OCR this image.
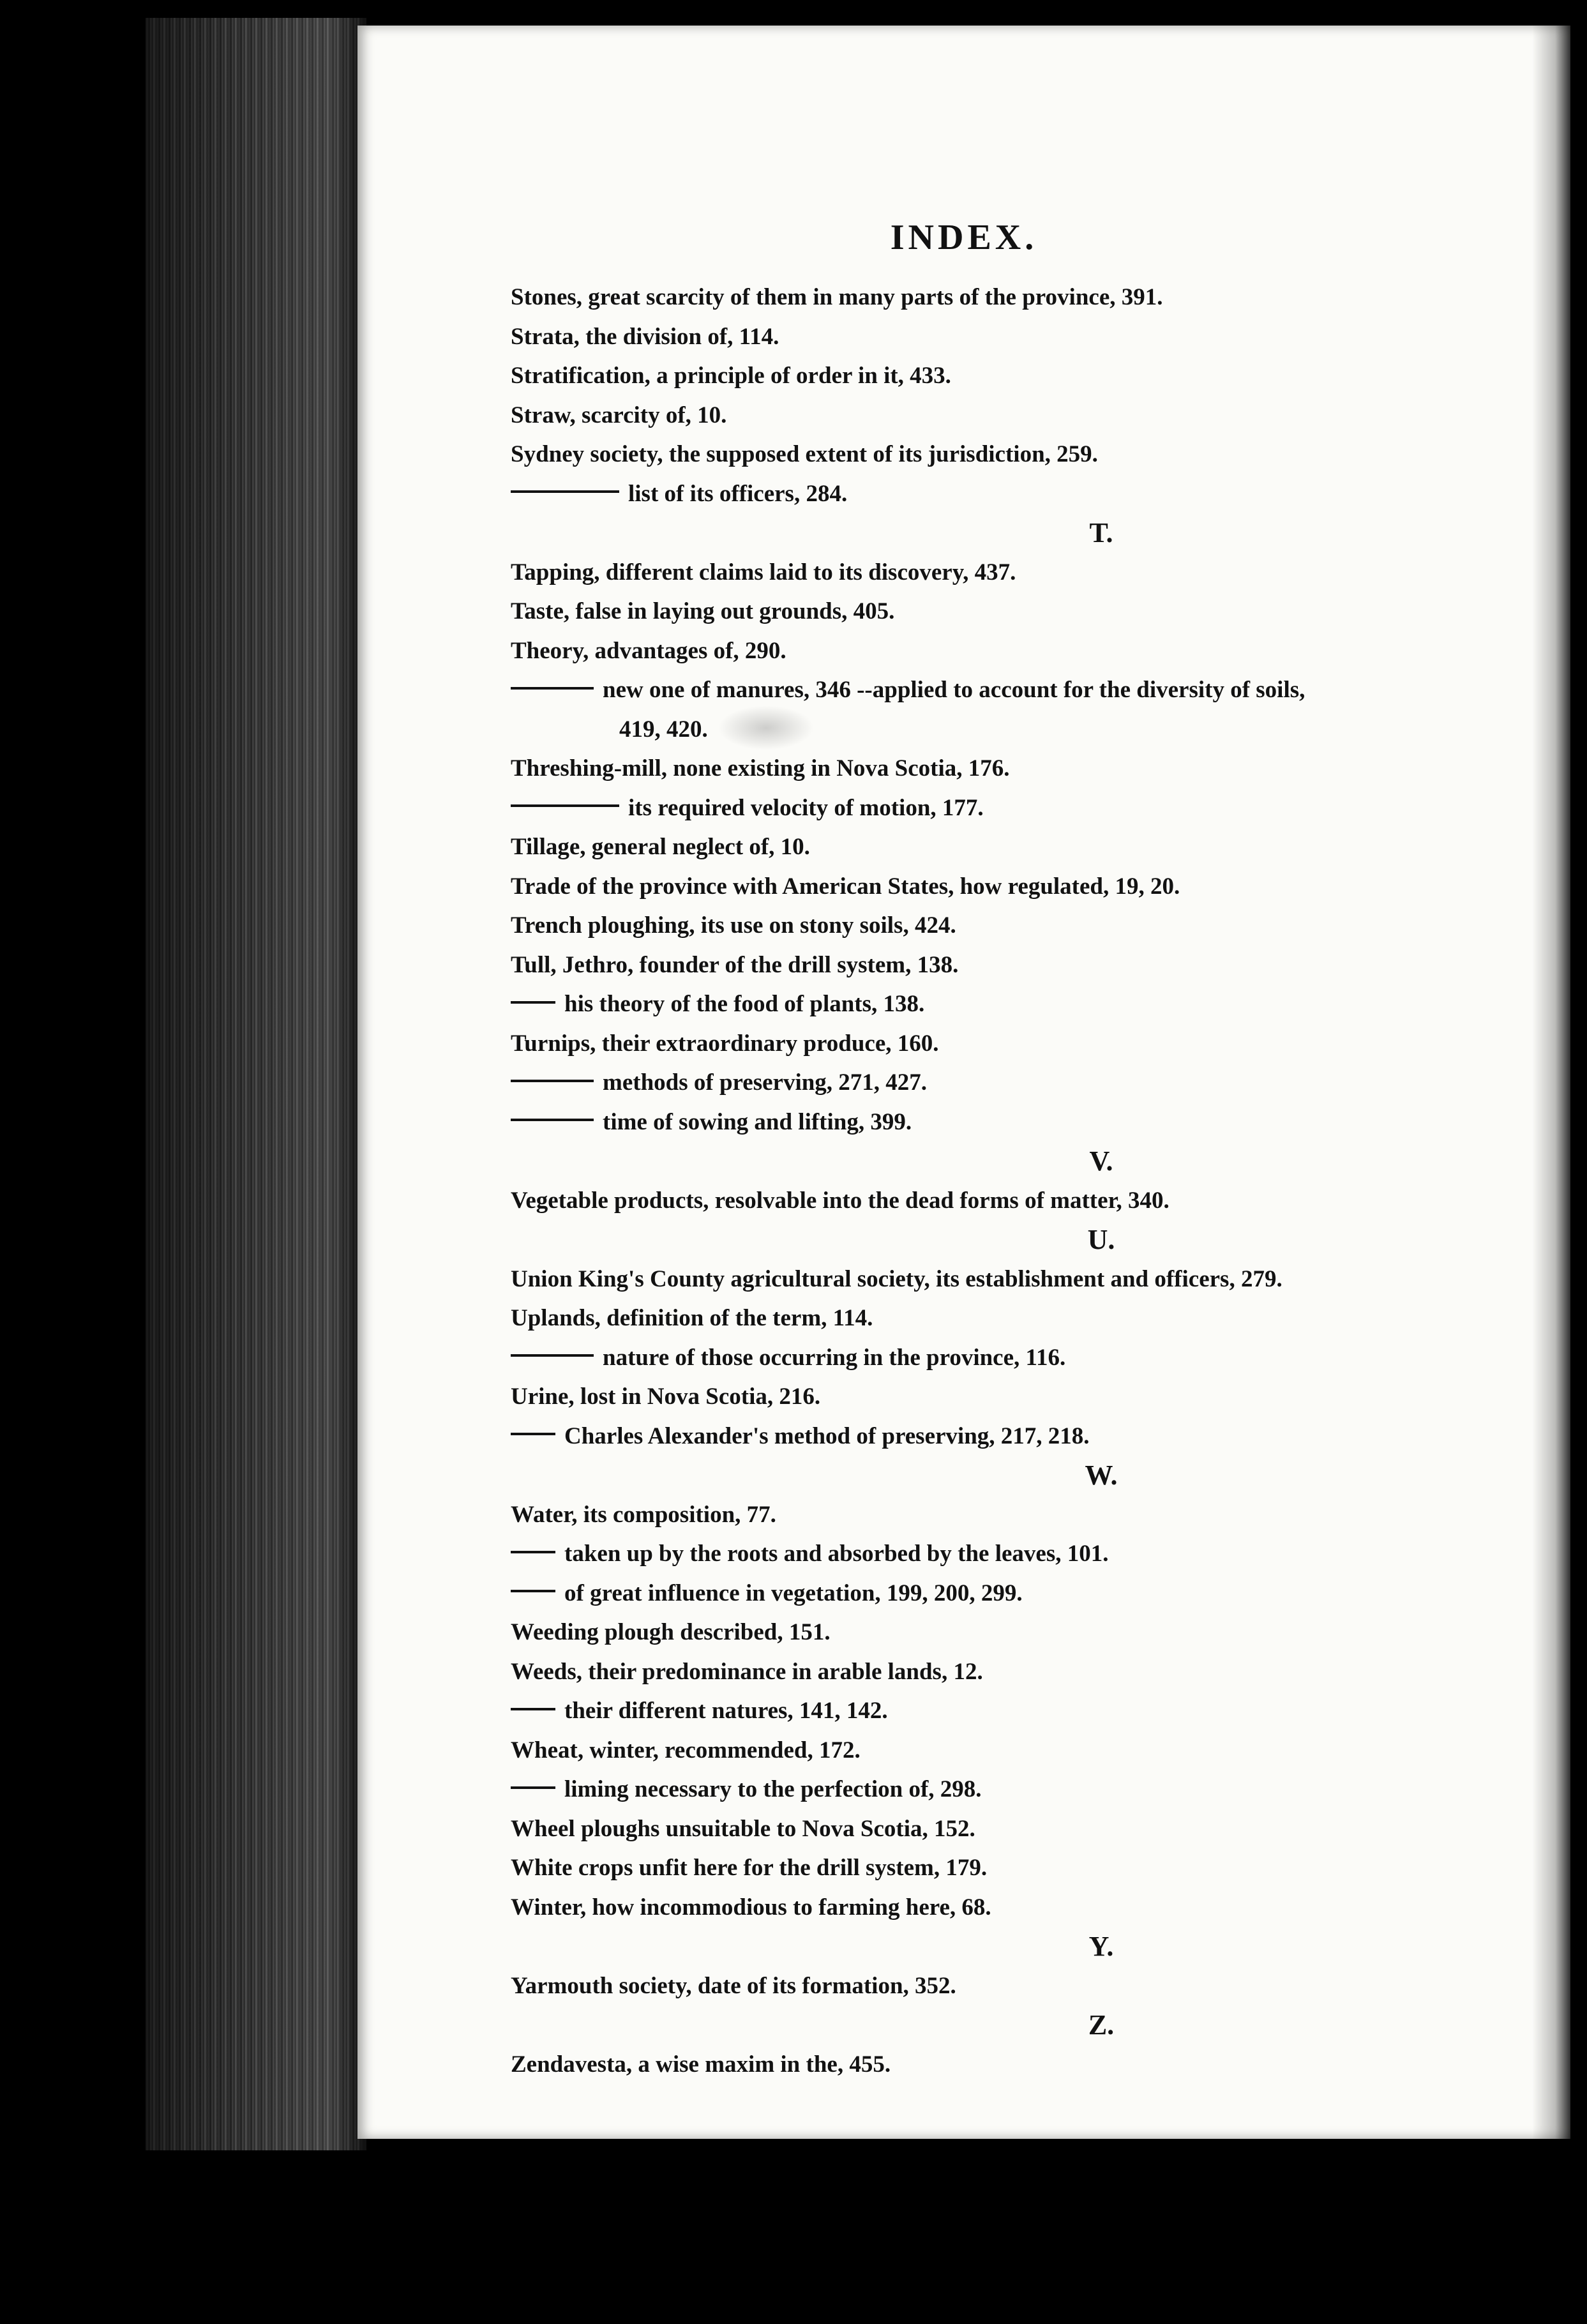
INDEX.
Stones, great scarcity of them in many parts of the province, 391.
Strata, the division of, 114.
Stratification, a principle of order in it, 433.
Straw, scarcity of, 10.
Sydney society, the supposed extent of its jurisdiction, 259.
list of its officers, 284.
T.
Tapping, different claims laid to its discovery, 437.
Taste, false in laying out grounds, 405.
Theory, advantages of, 290.
new one of manures, 346 --applied to account for the diversity of soils,
419, 420.
Threshing-mill, none existing in Nova Scotia, 176.
its required velocity of motion, 177.
Tillage, general neglect of, 10.
Trade of the province with American States, how regulated, 19, 20.
Trench ploughing, its use on stony soils, 424.
Tull, Jethro, founder of the drill system, 138.
his theory of the food of plants, 138.
Turnips, their extraordinary produce, 160.
methods of preserving, 271, 427.
time of sowing and lifting, 399.
V.
Vegetable products, resolvable into the dead forms of matter, 340.
U.
Union King's County agricultural society, its establishment and officers, 279.
Uplands, definition of the term, 114.
nature of those occurring in the province, 116.
Urine, lost in Nova Scotia, 216.
Charles Alexander's method of preserving, 217, 218.
W.
Water, its composition, 77.
taken up by the roots and absorbed by the leaves, 101.
of great influence in vegetation, 199, 200, 299.
Weeding plough described, 151.
Weeds, their predominance in arable lands, 12.
their different natures, 141, 142.
Wheat, winter, recommended, 172.
liming necessary to the perfection of, 298.
Wheel ploughs unsuitable to Nova Scotia, 152.
White crops unfit here for the drill system, 179.
Winter, how incommodious to farming here, 68.
Y.
Yarmouth society, date of its formation, 352.
Z.
Zendavesta, a wise maxim in the, 455.
